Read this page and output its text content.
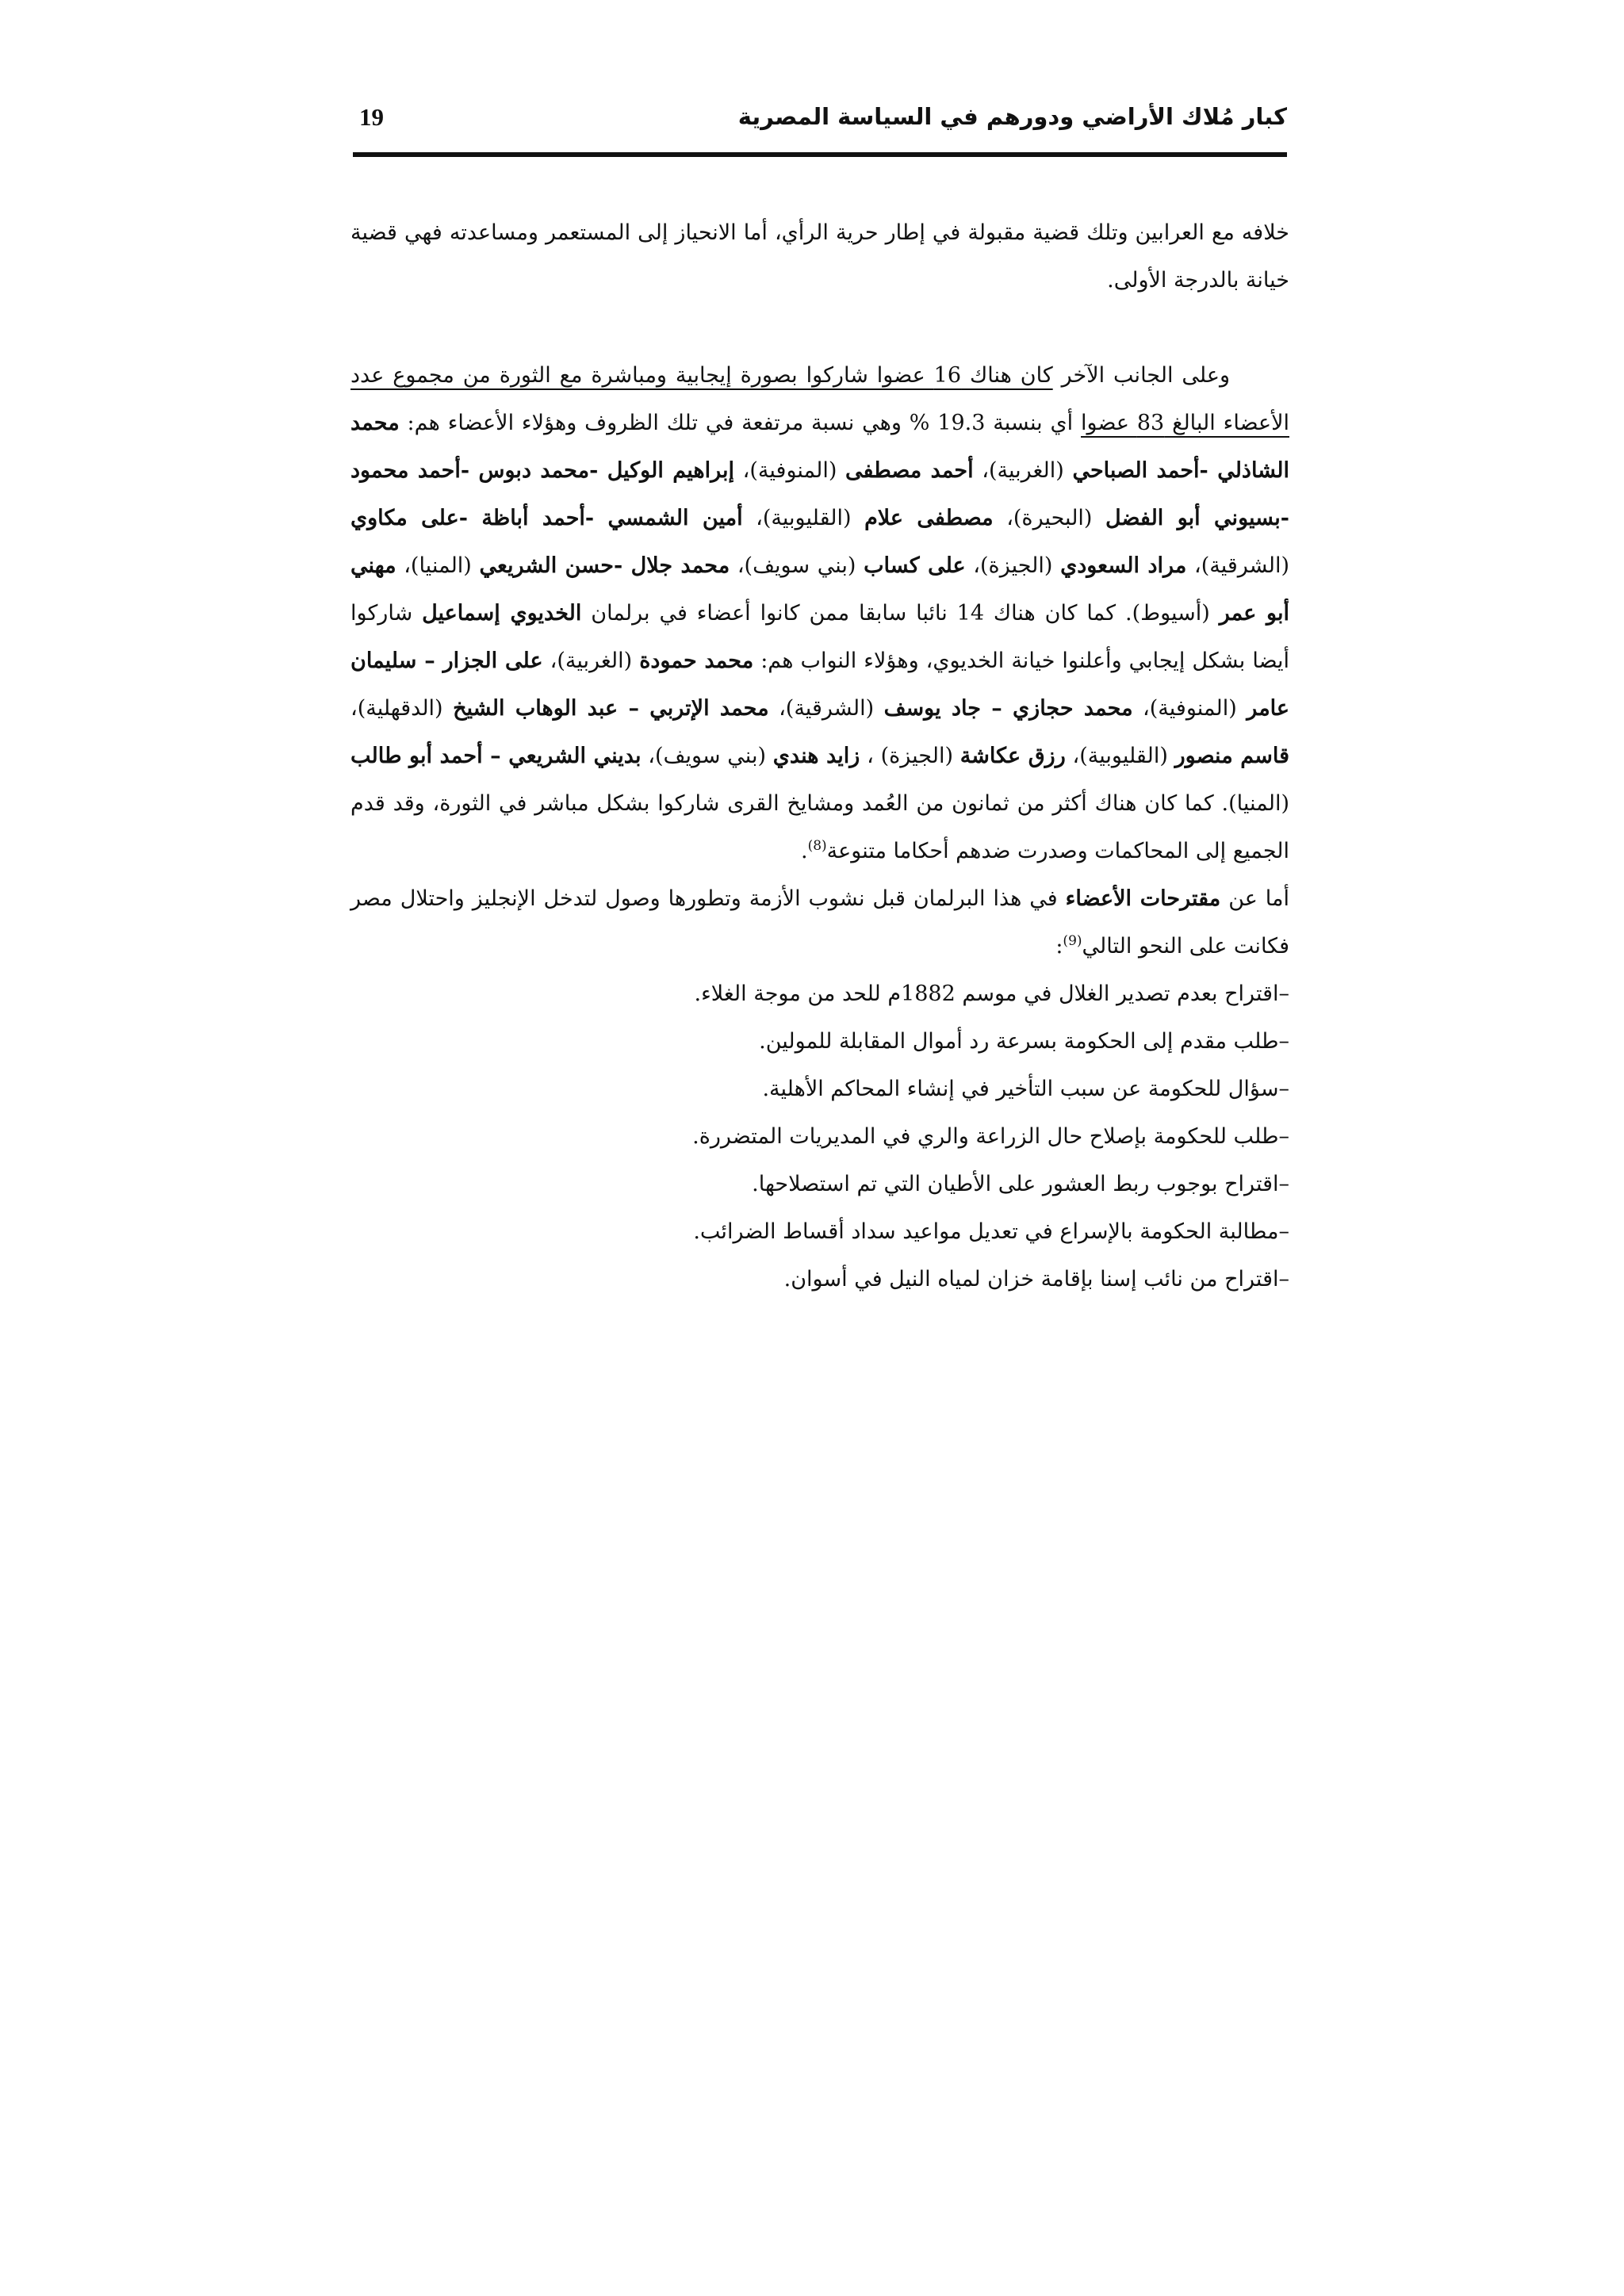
كبار مُلاك الأراضي ودورهم في السياسة المصرية
19

خلافه مع العرابين وتلك قضية مقبولة في إطار حرية الرأي، أما الانحياز إلى المستعمر ومساعدته فهي قضية خيانة بالدرجة الأولى.

وعلى الجانب الآخر كان هناك 16 عضوا شاركوا بصورة إيجابية ومباشرة مع الثورة من مجموع عدد الأعضاء البالغ 83 عضوا أي بنسبة 19.3 % وهي نسبة مرتفعة في تلك الظروف وهؤلاء الأعضاء هم: محمد الشاذلي -أحمد الصباحي (الغربية)، أحمد مصطفى (المنوفية)، إبراهيم الوكيل -محمد دبوس -أحمد محمود -بسيوني أبو الفضل (البحيرة)، مصطفى علام (القليوبية)، أمين الشمسي -أحمد أباظة -على مكاوي (الشرقية)، مراد السعودي (الجيزة)، على كساب (بني سويف)، محمد جلال -حسن الشريعي (المنيا)، مهني أبو عمر (أسيوط). كما كان هناك 14 نائبا سابقا ممن كانوا أعضاء في برلمان الخديوي إسماعيل شاركوا أيضا بشكل إيجابي وأعلنوا خيانة الخديوي، وهؤلاء النواب هم: محمد حمودة (الغربية)، على الجزار – سليمان عامر (المنوفية)، محمد حجازي – جاد يوسف (الشرقية)، محمد الإتربي – عبد الوهاب الشيخ (الدقهلية)، قاسم منصور (القليوبية)، رزق عكاشة (الجيزة) ، زايد هندي (بني سويف)، بديني الشريعي – أحمد أبو طالب (المنيا). كما كان هناك أكثر من ثمانون من العُمد ومشايخ القرى شاركوا بشكل مباشر في الثورة، وقد قدم الجميع إلى المحاكمات وصدرت ضدهم أحكاما متنوعة$^{(8)}$.

أما عن مقترحات الأعضاء في هذا البرلمان قبل نشوب الأزمة وتطورها وصول لتدخل الإنجليز واحتلال مصر فكانت على النحو التالي$^{(9)}$:

–اقتراح بعدم تصدير الغلال في موسم 1882م للحد من موجة الغلاء.
–طلب مقدم إلى الحكومة بسرعة رد أموال المقابلة للمولين.
–سؤال للحكومة عن سبب التأخير في إنشاء المحاكم الأهلية.
–طلب للحكومة بإصلاح حال الزراعة والري في المديريات المتضررة.
–اقتراح بوجوب ربط العشور على الأطيان التي تم استصلاحها.
–مطالبة الحكومة بالإسراع في تعديل مواعيد سداد أقساط الضرائب.
–اقتراح من نائب إسنا بإقامة خزان لمياه النيل في أسوان.
